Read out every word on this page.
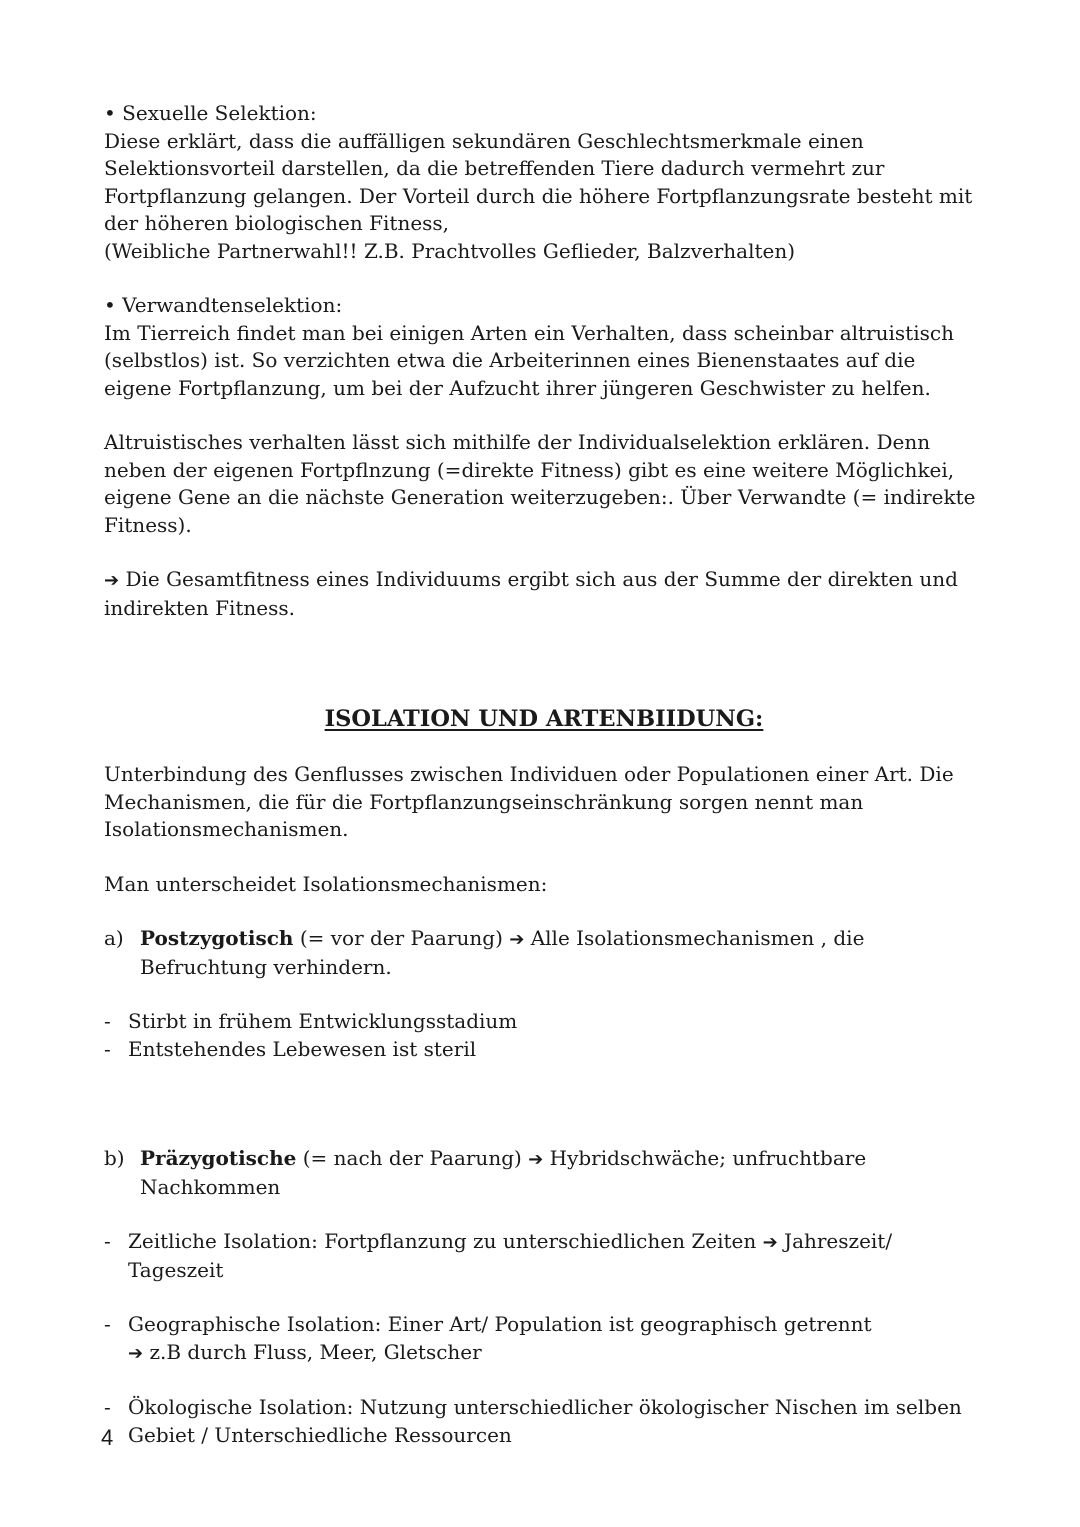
• Sexuelle Selektion:

Diese erklärt, dass die auffälligen sekundären Geschlechtsmerkmale einen Selektionsvorteil darstellen, da die betreffenden Tiere dadurch vermehrt zur Fortpflanzung gelangen. Der Vorteil durch die höhere Fortpflanzungsrate besteht mit der höheren biologischen Fitness,

(Weibliche Partnerwahl!! Z.B. Prachtvolles Geflieder, Balzverhalten)

• Verwandtenselektion:

Im Tierreich findet man bei einigen Arten ein Verhalten, dass scheinbar altruistisch (selbstlos) ist. So verzichten etwa die Arbeiterinnen eines Bienenstaates auf die eigene Fortpflanzung, um bei der Aufzucht ihrer jüngeren Geschwister zu helfen.

Altruistisches verhalten lässt sich mithilfe der Individualselektion erklären. Denn neben der eigenen Fortpflnzung (=direkte Fitness) gibt es eine weitere Möglichkei, eigene Gene an die nächste Generation weiterzugeben:. Über Verwandte (= indirekte Fitness).

➔ Die Gesamtfitness eines Individuums ergibt sich aus der Summe der direkten und indirekten Fitness.

ISOLATION UND ARTENBIIDUNG:

Unterbindung des Genflusses zwischen Individuen oder Populationen einer Art. Die Mechanismen, die für die Fortpflanzungseinschränkung sorgen nennt man Isolationsmechanismen.

Man unterscheidet Isolationsmechanismen:

a) Postzygotisch (= vor der Paarung) ➔ Alle Isolationsmechanismen , die Befruchtung verhindern.
- Stirbt in frühem Entwicklungsstadium
- Entstehendes Lebewesen ist steril
b) Präzygotische (= nach der Paarung) ➔ Hybridschwäche; unfruchtbare Nachkommen
- Zeitliche Isolation: Fortpflanzung zu unterschiedlichen Zeiten ➔ Jahreszeit/ Tageszeit
- Geographische Isolation: Einer Art/ Population ist geographisch getrennt
➔ z.B durch Fluss, Meer, Gletscher
- Ökologische Isolation: Nutzung unterschiedlicher ökologischer Nischen im selben Gebiet / Unterschiedliche Ressourcen
4
